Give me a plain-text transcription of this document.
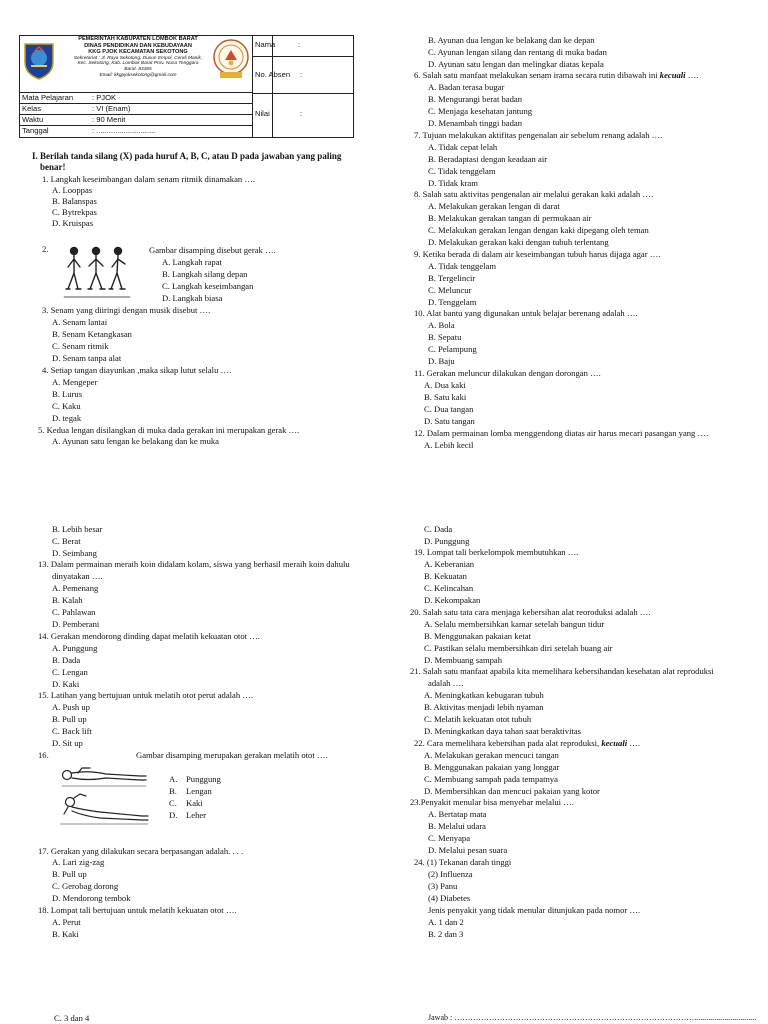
Nama	:
No. Absen :
Nilai	:
PEMERINTAH KABUPATEN LOMBOK BARAT
DINAS PENDIDIKAN DAN KEBUDAYAAN
KKG PJOK KECAMATAN SEKOTONG
Sekretariat : Jl. Raya Sekotong, Dusun Empol, Cendi Manik,
Kec. Sekotong, Kab. Lombok Barat Prov. Nusa Tenggara
Barat. 83365
Email: kkgpjoksekotong@gmail.com
Mata Pelajaran : PJOK
Kelas	: VI (Enam)
Waktu	: 90 Menit
Tanggal	: ............................
I. Berilah tanda silang (X) pada huruf A, B, C, atau D pada jawaban yang paling
benar!
1. Langkah keseimbangan dalam senam ritmik dinamakan ….
A. Looppas
B. Balanspas
C. Bytrekpas
D. Kruispas
2.	Gambar disamping disebut gerak ….
A. Langkah rapat
B. Langkah silang depan
C. Langkah keseimbangan
D. Langkah biasa
3. Senam yang diiringi dengan musik disebut ….
A. Senam lantai
B. Senam Ketangkasan
C. Senam ritmik
D. Senam tanpa alat
4. Setiap tangan diayunkan ,maka sikap lutut selalu ….
A. Mengeper
B. Lurus
C. Kaku
D. tegak
5. Kedua lengan disilangkan di muka dada gerakan ini merupakan gerak ….
A. Ayunan satu lengan ke belakang dan ke muka
B. Ayunan dua lengan ke belakang dan ke depan
C. Ayunan lengan silang dan rentang di muka badan
D. Ayunan satu lengan dan melingkar diatas kepala
6. Salah satu manfaat melakukan senam irama secara rutin dibawah ini kecuali ….
A. Badan terasa bugar
B. Mengurangi berat badan
C. Menjaga kesehatan jantung
D. Menambah tinggi badan
7. Tujuan melakukan aktifitas pengenalan air sebelum renang adalah ….
A. Tidak cepat lelah
B. Beradaptasi dengan keadaan air
C. Tidak tenggelam
D. Tidak kram
8. Salah satu aktivitas pengenalan air melalui gerakan kaki adalah ….
A. Melakukan gerakan lengan di darat
B. Melakukan gerakan tangan di permukaan air
C. Melakukan gerakan lengan dengan kaki dipegang oleh teman
D. Melakukan gerakan kaki dengan tubuh terlentang
9. Ketika berada di dalam air keseimbangan tubuh harus dijaga agar ….
A. Tidak tenggelam
B. Tergelincir
C. Meluncur
D. Tenggelam
10. Alat bantu yang digunakan untuk belajar berenang adalah ….
A. Bola
B. Sepatu
C. Pelampung
D. Baju
11. Gerakan meluncur dilakukan dengan dorongan ….
A. Dua kaki
B. Satu kaki
C. Dua tangan
D. Satu tangan
12. Dalam permainan lomba menggendong diatas air harus mecari pasangan yang ….
A. Lebih kecil
B. Lebih besar
C. Berat
D. Seimbang
13. Dalam permainan meraih koin didalam kolam, siswa yang berhasil meraih koin dahulu
dinyatakan ….
A. Pemenang
B. Kalah
C. Pahlawan
D. Pemberani
14. Gerakan mendorong dinding dapat melatih kekuatan otot ….
A. Punggung
B. Dada
C. Lengan
D. Kaki
15. Latihan yang bertujuan untuk melatih otot perut adalah ….
A. Push up
B. Pull up
C. Back lift
D. Sit up
16.	Gambar disamping merupakan gerakan melatih otot ….
A. Punggung
B. Lengan
C. Kaki
D. Leher
17. Gerakan yang dilakukan secara berpasangan adalah. . . .
A. Lari zig-zag
B. Pull up
C. Gerobag dorong
D. Mendorong tembok
18. Lompat tali bertujuan untuk melatih kekuatan otot ….
A. Perut
B. Kaki
C. Dada
D. Punggung
19. Lompat tali berkelompok membutuhkan ….
A. Keberanian
B. Kekuatan
C. Kelincahan
D. Kekompakan
20. Salah satu tata cara menjaga kebersihan alat reoroduksi adalah ….
A. Selalu membersihkan kamar setelah bangun tidur
B. Menggunakan pakaian ketat
C. Pastikan selalu membersihkan diri setelah buang air
D. Membuang sampah
21. Salah satu manfaat apabila kita memelihara kebersihandan kesehatan alat reproduksi
adalah ….
A. Meningkatkan kebugaran tubuh
B. Aktivitas menjadi lebih nyaman
C. Melatih kekuatan otot tubuh
D. Meningkatkan daya tahan saat beraktivitas
22. Cara memelihara kebersihan pada alat reproduksi, kecuali ….
A. Melakukan gerakan mencuci tangan
B. Menggunakan pakaian yang longgar
C. Membuang sampah pada tempatnya
D. Membersihkan dan mencuci pakaian yang kotor
23.Penyakit menular bisa menyebar melalui ….
A. Bertatap mata
B. Melalui udara
C. Menyapa
D. Melalui pesan suara
24. (1) Tekanan darah tinggi
(2) Influenza
(3) Panu
(4) Diabetes
Jenis penyakit yang tidak menular ditunjukan pada nomor ….
A. 1 dan 2
B. 2 dan 3
C. 3 dan 4	Jawab : ………………………………………………………………………………...............................
